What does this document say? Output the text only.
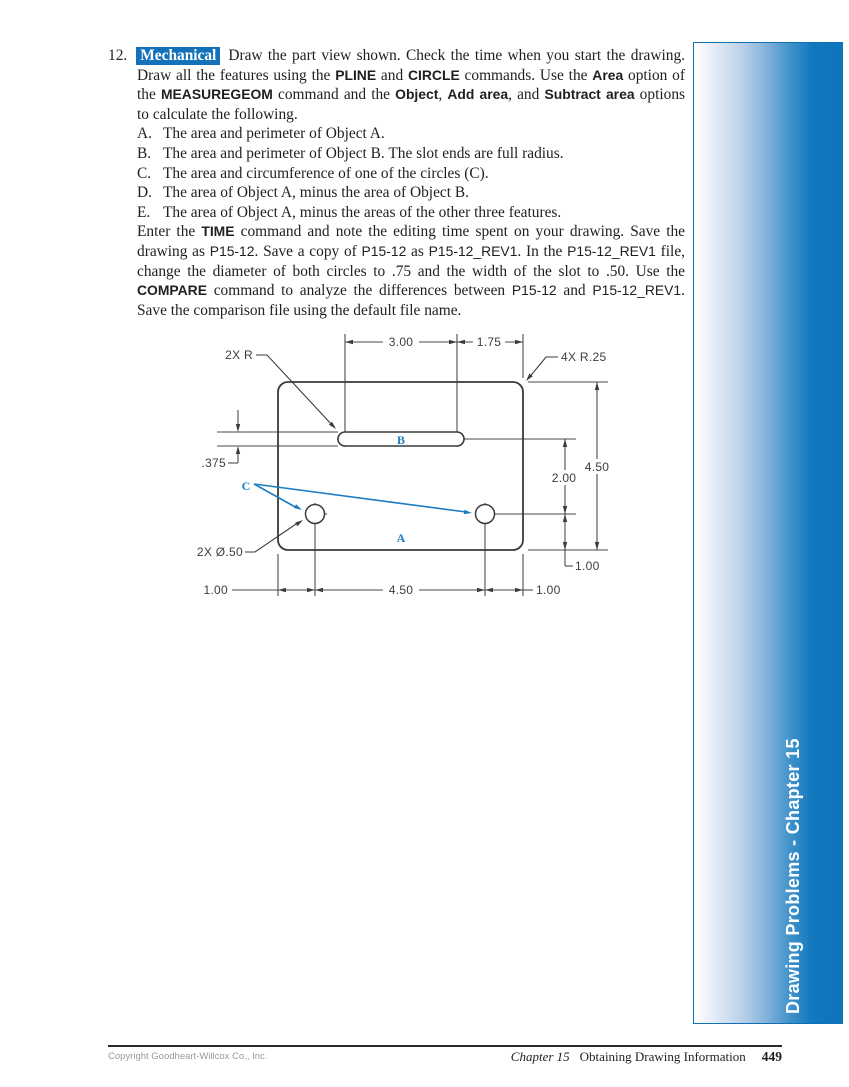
12. Mechanical Draw the part view shown. Check the time when you start the drawing. Draw all the features using the PLINE and CIRCLE commands. Use the Area option of the MEASUREGEOM command and the Object, Add area, and Subtract area options to calculate the following.

A. The area and perimeter of Object A.
B. The area and perimeter of Object B. The slot ends are full radius.
C. The area and circumference of one of the circles (C).
D. The area of Object A, minus the area of Object B.
E. The area of Object A, minus the areas of the other three features.

Enter the TIME command and note the editing time spent on your drawing. Save the drawing as P15-12. Save a copy of P15-12 as P15-12_REV1. In the P15-12_REV1 file, change the diameter of both circles to .75 and the width of the slot to .50. Use the COMPARE command to analyze the differences between P15-12 and P15-12_REV1. Save the comparison file using the default file name.

3.00	1.75
4.50
2.00
1.00
1.00	4.50	1.00
.375
2X R	4X R.25
2X Ø.50
B
A
C
Drawing Problems - Chapter 15
Copyright Goodheart-Willcox Co., Inc.	Chapter 15 Obtaining Drawing Information 449
